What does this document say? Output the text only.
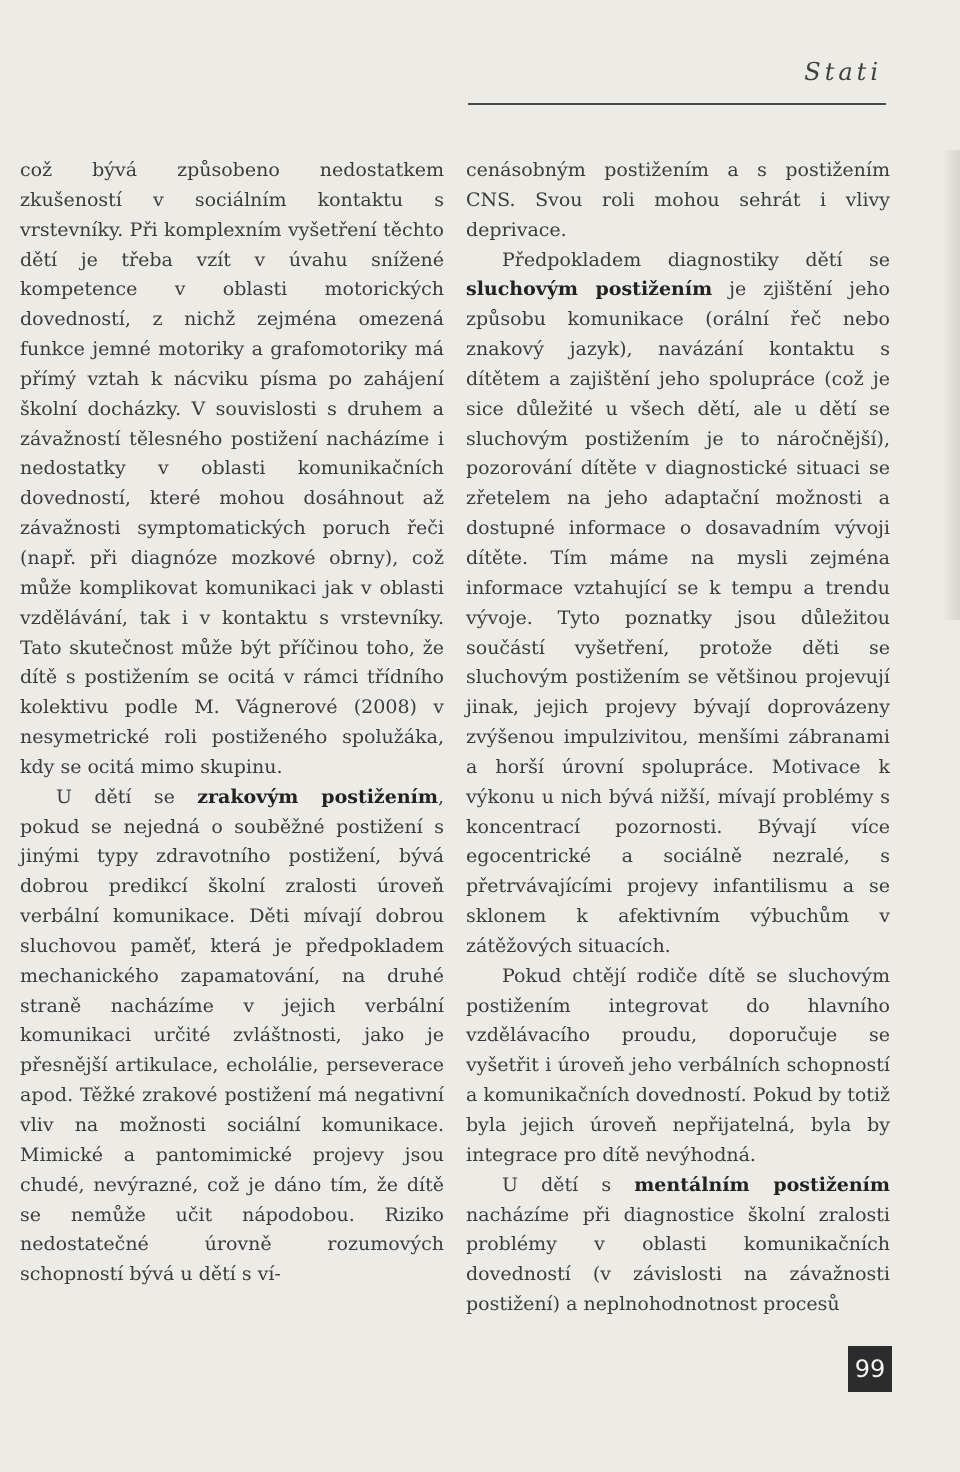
Stati

což bývá způsobeno nedostatkem zkušeností v sociálním kontaktu s vrstevníky. Při komplexním vyšetření těchto dětí je třeba vzít v úvahu snížené kompetence v oblasti motorických dovedností, z nichž zejména omezená funkce jemné motoriky a grafomotoriky má přímý vztah k nácviku písma po zahájení školní docházky. V souvislosti s druhem a závažností tělesného postižení nacházíme i nedostatky v oblasti komunikačních dovedností, které mohou dosáhnout až závažnosti symptomatických poruch řeči (např. při diagnóze mozkové obrny), což může komplikovat komunikaci jak v oblasti vzdělávání, tak i v kontaktu s vrstevníky. Tato skutečnost může být příčinou toho, že dítě s postižením se ocitá v rámci třídního kolektivu podle M. Vágnerové (2008) v nesymetrické roli postiženého spolužáka, kdy se ocitá mimo skupinu.

U dětí se zrakovým postižením, pokud se nejedná o souběžné postižení s jinými typy zdravotního postižení, bývá dobrou predikcí školní zralosti úroveň verbální komunikace. Děti mívají dobrou sluchovou paměť, která je předpokladem mechanického zapamatování, na druhé straně nacházíme v jejich verbální komunikaci určité zvláštnosti, jako je přesnější artikulace, echolálie, perseverace apod. Těžké zrakové postižení má negativní vliv na možnosti sociální komunikace. Mimické a pantomimické projevy jsou chudé, nevýrazné, což je dáno tím, že dítě se nemůže učit nápodobou. Riziko nedostatečné úrovně rozumových schopností bývá u dětí s ví-

cenásobným postižením a s postižením CNS. Svou roli mohou sehrát i vlivy deprivace.

Předpokladem diagnostiky dětí se sluchovým postižením je zjištění jeho způsobu komunikace (orální řeč nebo znakový jazyk), navázání kontaktu s dítětem a zajištění jeho spolupráce (což je sice důležité u všech dětí, ale u dětí se sluchovým postižením je to náročnější), pozorování dítěte v diagnostické situaci se zřetelem na jeho adaptační možnosti a dostupné informace o dosavadním vývoji dítěte. Tím máme na mysli zejména informace vztahující se k tempu a trendu vývoje. Tyto poznatky jsou důležitou součástí vyšetření, protože děti se sluchovým postižením se většinou projevují jinak, jejich projevy bývají doprovázeny zvýšenou impulzivitou, menšími zábranami a horší úrovní spolupráce. Motivace k výkonu u nich bývá nižší, mívají problémy s koncentrací pozornosti. Bývají více egocentrické a sociálně nezralé, s přetrvávajícími projevy infantilismu a se sklonem k afektivním výbuchům v zátěžových situacích.

Pokud chtějí rodiče dítě se sluchovým postižením integrovat do hlavního vzdělávacího proudu, doporučuje se vyšetřit i úroveň jeho verbálních schopností a komunikačních dovedností. Pokud by totiž byla jejich úroveň nepřijatelná, byla by integrace pro dítě nevýhodná.

U dětí s mentálním postižením nacházíme při diagnostice školní zralosti problémy v oblasti komunikačních dovedností (v závislosti na závažnosti postižení) a neplnohodnotnost procesů

99
